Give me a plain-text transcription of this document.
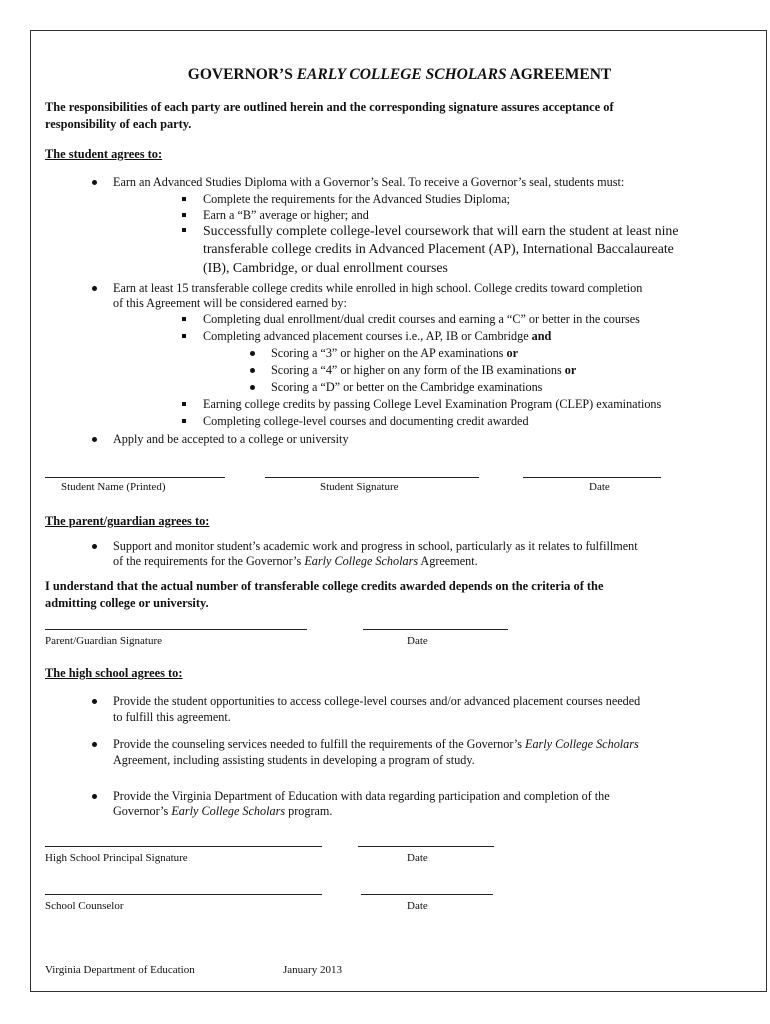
GOVERNOR’S EARLY COLLEGE SCHOLARS AGREEMENT
The responsibilities of each party are outlined herein and the corresponding signature assures acceptance of
responsibility of each party.
The student agrees to:
Earn an Advanced Studies Diploma with a Governor’s Seal. To receive a Governor’s seal, students must:
Complete the requirements for the Advanced Studies Diploma;
Earn a “B” average or higher; and
Successfully complete college-level coursework that will earn the student at least nine
transferable college credits in Advanced Placement (AP), International Baccalaureate
(IB), Cambridge, or dual enrollment courses
Earn at least 15 transferable college credits while enrolled in high school. College credits toward completion
of this Agreement will be considered earned by:
Completing dual enrollment/dual credit courses and earning a “C” or better in the courses
Completing advanced placement courses i.e., AP, IB or Cambridge and
Scoring a “3” or higher on the AP examinations or
Scoring a “4” or higher on any form of the IB examinations or
Scoring a “D” or better on the Cambridge examinations
Earning college credits by passing College Level Examination Program (CLEP) examinations
Completing college-level courses and documenting credit awarded
Apply and be accepted to a college or university
Student Name (Printed)	Student Signature	Date
The parent/guardian agrees to:
Support and monitor student’s academic work and progress in school, particularly as it relates to fulfillment
of the requirements for the Governor’s Early College Scholars Agreement.
I understand that the actual number of transferable college credits awarded depends on the criteria of the
admitting college or university.
Parent/Guardian Signature	Date
The high school agrees to:
Provide the student opportunities to access college-level courses and/or advanced placement courses needed
to fulfill this agreement.
Provide the counseling services needed to fulfill the requirements of the Governor’s Early College Scholars
Agreement, including assisting students in developing a program of study.
Provide the Virginia Department of Education with data regarding participation and completion of the
Governor’s Early College Scholars program.
High School Principal Signature	Date
School Counselor	Date
Virginia Department of Education	January 2013
